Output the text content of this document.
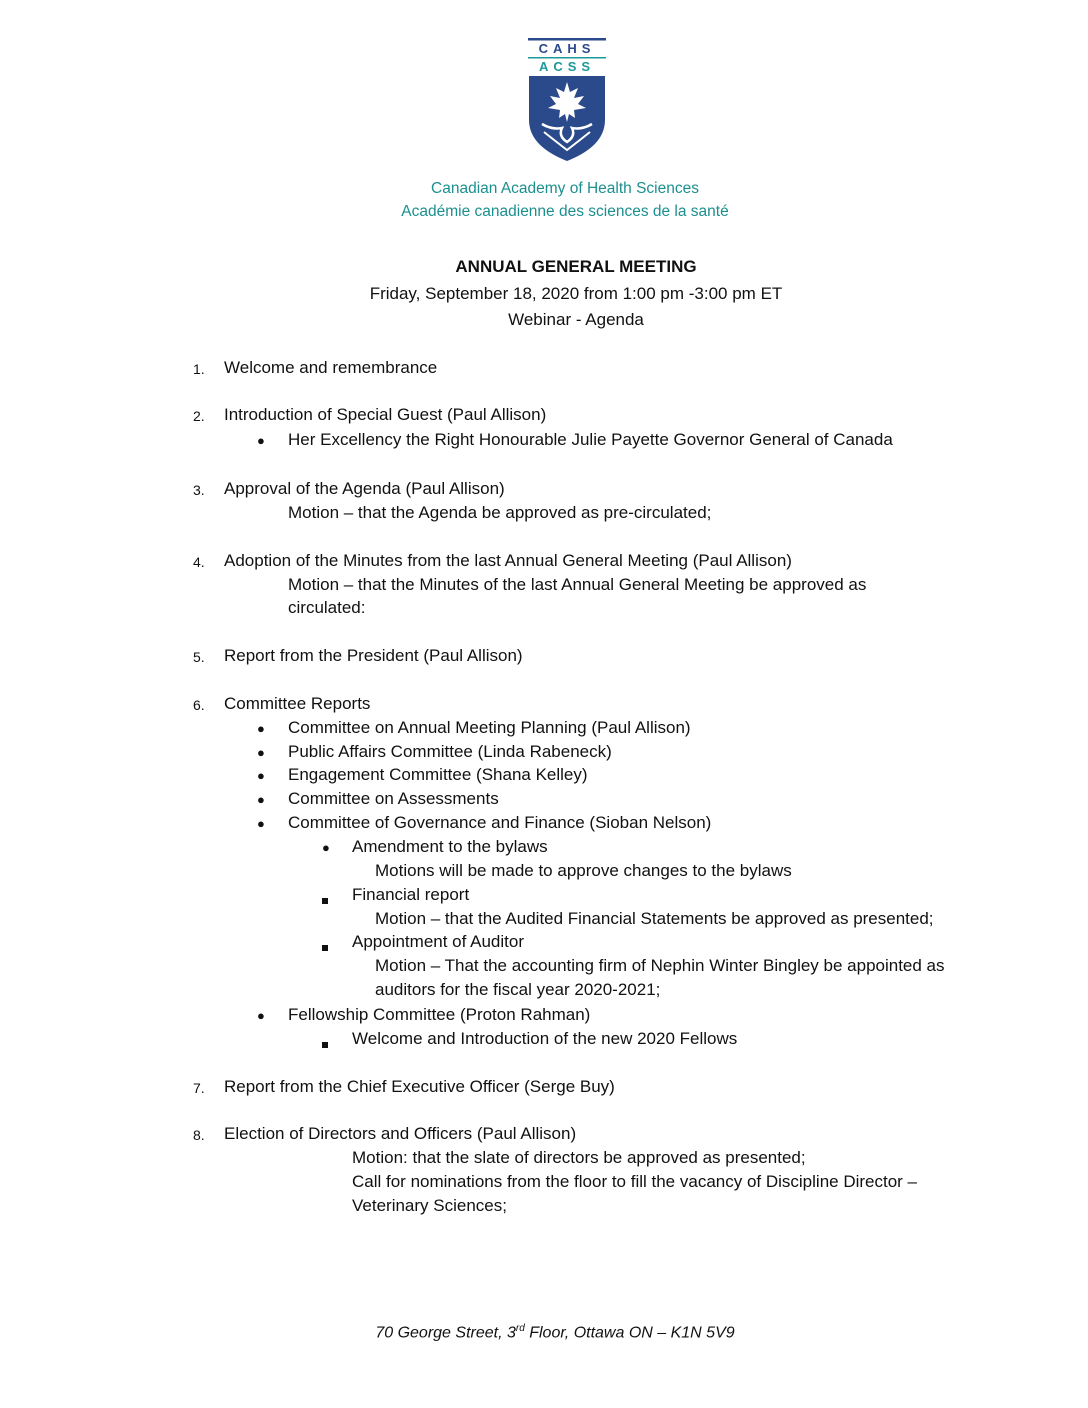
CAHS
ACSS
Canadian Academy of Health Sciences
Académie canadienne des sciences de la santé
ANNUAL GENERAL MEETING
Friday, September 18, 2020 from 1:00 pm -3:00 pm ET
Webinar - Agenda
1. Welcome and remembrance
2. Introduction of Special Guest (Paul Allison)
● Her Excellency the Right Honourable Julie Payette Governor General of Canada
3. Approval of the Agenda (Paul Allison)
Motion – that the Agenda be approved as pre-circulated;
4. Adoption of the Minutes from the last Annual General Meeting (Paul Allison)
Motion – that the Minutes of the last Annual General Meeting be approved as
circulated:
5. Report from the President (Paul Allison)
6. Committee Reports
● Committee on Annual Meeting Planning (Paul Allison)
● Public Affairs Committee (Linda Rabeneck)
● Engagement Committee (Shana Kelley)
● Committee on Assessments
● Committee of Governance and Finance (Sioban Nelson)
● Amendment to the bylaws
Motions will be made to approve changes to the bylaws
Financial report
Motion – that the Audited Financial Statements be approved as presented;
Appointment of Auditor
Motion – That the accounting firm of Nephin Winter Bingley be appointed as
auditors for the fiscal year 2020-2021;
● Fellowship Committee (Proton Rahman)
Welcome and Introduction of the new 2020 Fellows
7. Report from the Chief Executive Officer (Serge Buy)
8. Election of Directors and Officers (Paul Allison)
Motion: that the slate of directors be approved as presented;
Call for nominations from the floor to fill the vacancy of Discipline Director –
Veterinary Sciences;
70 George Street, 3rd Floor, Ottawa ON – K1N 5V9
